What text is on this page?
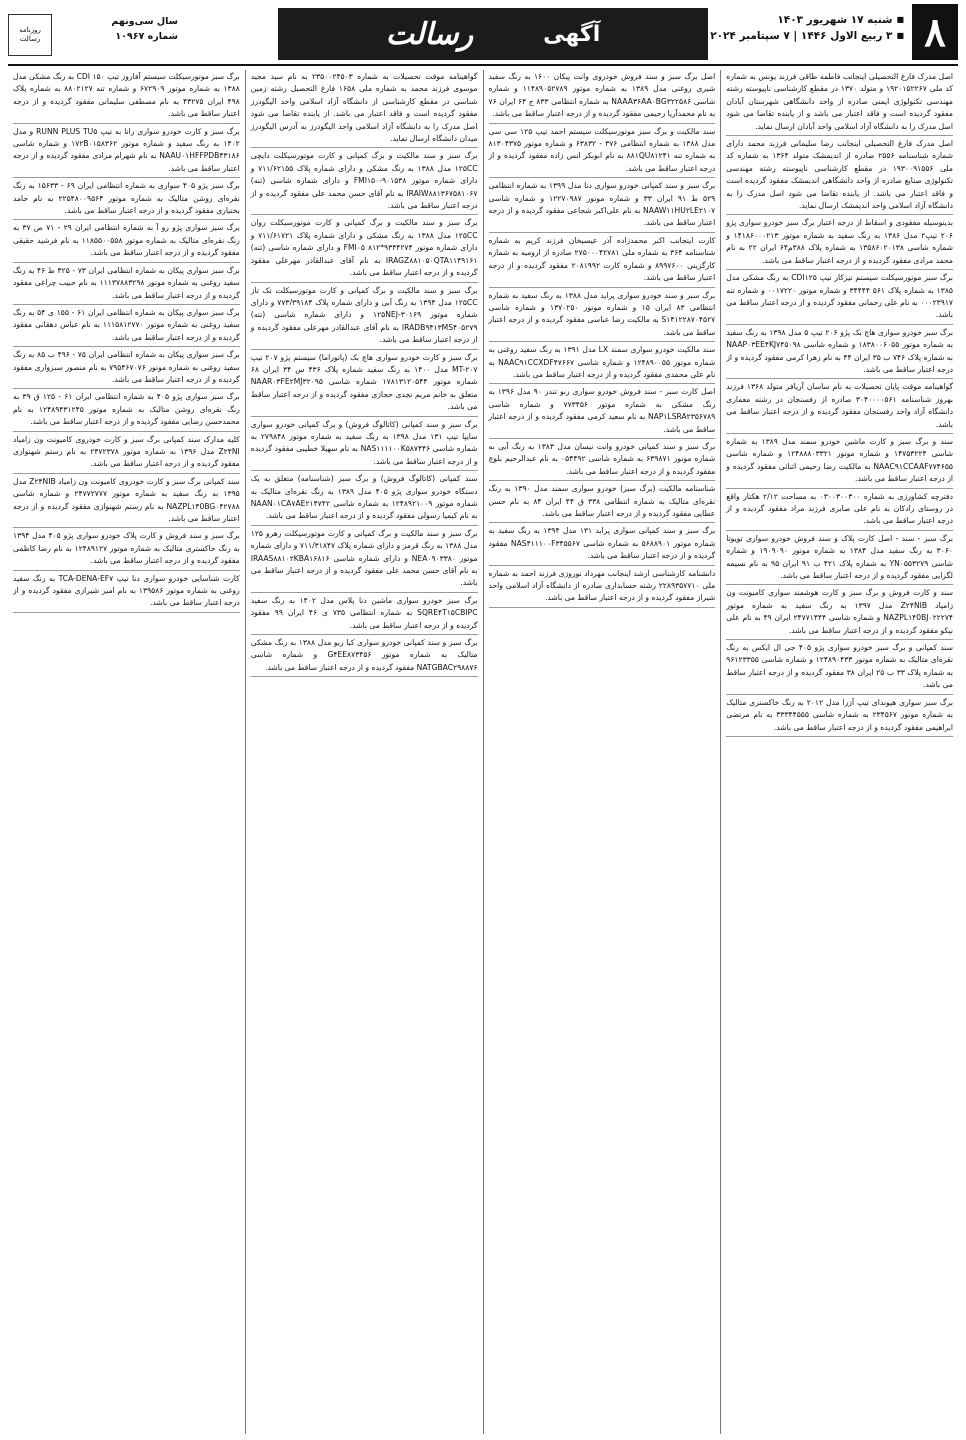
۸
■ شنبه ۱۷ شهریور ۱۴۰۳
■ ۳ ربیع الاول ۱۴۴۶ | ۷ سپتامبر ۲۰۲۴
آگهی
رسالت
سال سی‌ونهم
شماره ۱۰۹۶۷
روزنامه
رسالت
اصل مدرک فارغ التحصیلی اینجانب فاطمه طاقی فرزند یونس به شماره کد ملی ۱۹۲۰۱۵۲۲۶۷ و متولد ۱۳۷۰ در مقطع کارشناسی ناپیوسته رشته مهندسی تکنولوژی ایمنی صادره از واحد دانشگاهی شهرستان آبادان مفقود گردیده است و فاقد اعتبار می باشد و از یابنده تقاضا می شود اصل مدرک را به دانشگاه آزاد اسلامی واحد آبادان ارسال نماید.
اصل مدرک فارغ التحصیلی اینجانب رضا سلیمانی فرزند محمد دارای شماره شناسنامه ۲۵۵۶ صادره از اندیمشک متولد ۱۳۶۴ به شماره کد ملی ۱۹۳۰۰۹۱۵۵۶ در مقطع کارشناسی ناپیوسته رشته مهندسی تکنولوژی صنایع صادره از واحد دانشگاهی اندیمشک مفقود گردیده است و فاقد اعتبار می باشد. از یابنده تقاضا می شود اصل مدرک را به دانشگاه آزاد اسلامی واحد اندیمشک ارسال نماید.
بدینوسیله مفقودی و اسقاط از درجه اعتبار برگ سبز خودرو سواری پژو ۲۰۶ تیپ۲ مدل ۱۳۸۶ به رنگ سفید به شماره موتور ۱۴۱۸۶۰۰۰۲۱۳ و شماره شاسی ۱۳۵۸۶۰۲۰۱۳۸ به شماره پلاک ۳۸۸م۶۴ ایران ۲۲ به نام محمد مرادی مفقود گردیده و از درجه اعتبار ساقط می باشد.
برگ سبز موتورسیکلت سیستم تیزکار تیپ CDI۱۲۵ به رنگ مشکی مدل ۱۳۸۵ به شماره پلاک ۵۶۱ ۳۴۴۴۴ و شماره موتور ۰۰۱۷۲۲۰ و شماره تنه ۰۰۰۲۳۹۱۷ به نام علی رحمانی مفقود گردیده و از درجه اعتبار ساقط می باشد.
برگ سبز خودرو سواری هاچ بک پژو ۲۰۶ تیپ ۵ مدل ۱۳۹۸ به رنگ سفید به شماره موتور ۱۸۳۸۰۰۶۰۵۵ و شماره شاسی NAAP۰۳EE۴KJ۷۴۵۰۹۸ به شماره پلاک ۷۴۶ ب ۳۵ ایران ۴۴ به نام زهرا کرمی مفقود گردیده و از درجه اعتبار ساقط می باشد.
گواهینامه موقت پایان تحصیلات به نام ساسان آریافر متولد ۱۳۶۸ فرزند بهروز شناسنامه ۳۰۴۰۰۰۰۵۶۱ صادره از رفسنجان در رشته معماری دانشگاه آزاد واحد رفسنجان مفقود گردیده و از درجه اعتبار ساقط می باشد.
سند و برگ سبز و کارت ماشین خودرو سمند مدل ۱۳۸۹ به شماره شاسی ۱۴۷۵۳۲۲۴ و شماره موتور ۱۲۴۸۸۸۰۳۳۲۱ و شماره شاسی NAAC۹۱CCAAF۷۷۴۶۵۵ به مالکیت رضا رحیمی اثنائی مفقود گردیده و از درجه اعتبار ساقط می باشد.
دفترچه کشاورزی به شماره ۰۳۰۰۳۰۰۳۰۰ به مساحت ۲/۱۲ هکتار واقع در روستای رادکان به نام علی صابری فرزند مراد مفقود گردیده و از درجه اعتبار ساقط می باشد.
برگ سبز - سند - اصل کارت پلاک و سند فروش خودرو سواری تویوتا ۳۰۶۰ به رنگ سفید مدل ۱۳۸۴ به شماره موتور ۱۹۰۹۰۹۰ و شماره شاسی YN۰۵۵۳۲۷۹ به شماره پلاک ۴۲۱ ب ۹۱ ایران ۹۵ به نام نسیمه لگزایی مفقود گردیده و از درجه اعتبار ساقط می باشد.
سند و کارت فروش و برگ سبز و کارت هوشمند سواری کامیونت ون زامیاد Z۲۴NIB مدل ۱۳۹۷ به رنگ سفید به شماره موتور NAZPL۱۴0BJ۰۲۲۲۷۴ و شماره شاسی ۲۴۷۷۱۴۴۴ ایران ۴۹ به نام علی نیکو مفقود گردیده و از درجه اعتبار ساقط می باشد.
سند کمپانی و برگ سبز خودرو سواری پژو ۴۰۵ جی ال ایکس به رنگ نقره‌ای متالیک به شماره موتور ۱۲۴۸۹۰۴۳۳ و شماره شاسی ۹۶۱۲۳۳۵۵ به شماره پلاک ۳۳ ب ۲۵ ایران ۳۸ مفقود گردیده و از درجه اعتبار ساقط می باشد.
برگ سبز سواری هیوندای تیپ آزرا مدل ۲۰۱۲ به رنگ خاکستری متالیک به شماره موتور ۲۳۴۵۶۷ به شماره شاسی ۳۳۳۴۴۵۵۵ به نام مرتضی ابراهیمی مفقود گردیده و از درجه اعتبار ساقط می باشد.
اصل برگ سبز و سند فروش خودروی وانت پیکان ۱۶۰۰ به رنگ سفید شیری روغنی مدل ۱۳۸۹ به شماره موتور ۱۱۴۸۹۰۵۲۷۸۹ و شماره شاسی NAAA۳۶AA۰BG۳۲۲۵۸۶ به شماره انتظامی ۸۳۳ ج ۶۴ ایران ۷۶ به نام محمدآریا رحیمی مفقود گردیده و از درجه اعتبار ساقط می باشد.
سند مالکیت و برگ سبز موتورسیکلت سیستم احمد تیپ ۱۲۵ سی سی مدل ۱۳۸۸ به شماره انتظامی ۳۷۶ - ۶۳۸۳۲ و شماره موتور ۸۱۳۰۴۳۷۵ به شماره تنه ۸۸۱QU۸۱۲۴۱ به نام ابوبکر انس زاده مفقود گردیده و از درجه اعتبار ساقط می باشد.
برگ سبز و سند کمپانی خودرو سواری دنا مدل ۱۳۹۹ به شماره انتظامی ۵۲۹ ط ۹۱ ایران ۳۳ و شماره موتور ۱۲۲۷۰۹۸۷ و شماره شاسی NAAW۱۱HU۲LE۲۱۰۷ به نام علی‌اکبر شجاعی مفقود گردیده و از درجه اعتبار ساقط می باشد.
کارت اینجانب اکبر محمدزاده آذر عیسیخان فرزند کریم به شماره شناسنامه ۳۶۴ به شماره ملی ۲۷۵۰۰۰۴۲۷۸۱ صادره از ارومیه به شماره کارگزینی ۸۹۹۷۶۰۰ و شماره کارت ۲۰۸۱۹۹۲ مفقود گردیده و از درجه اعتبار ساقط می باشد.
برگ سبز و سند خودرو سواری پراید مدل ۱۳۸۸ به رنگ سفید به شماره انتظامی ۸۳ ایران ۱۵ و شماره موتور ۱۳۷۰۲۵۰ و شماره شاسی S۱۴۱۲۲۸۷۰۴۵۲۷ به مالکیت رضا عباسی مفقود گردیده و از درجه اعتبار ساقط می باشد.
سند مالکیت خودرو سواری سمند LX مدل ۱۳۹۱ به رنگ سفید روغنی به شماره موتور ۱۲۴۸۹۰۰۵۵ و شماره شاسی NAAC۹۱CCXDF۴۷۶۶۷ به نام علی محمدی مفقود گردیده و از درجه اعتبار ساقط می باشد.
اصل کارت سبز - سند فروش خودرو سواری رنو تندر ۹۰ مدل ۱۳۹۶ به رنگ مشکی به شماره موتور ۷۷۳۴۵۶ و شماره شاسی NAP۱LSRA۲۳۵۶۷۸۹ به نام سعید کرمی مفقود گردیده و از درجه اعتبار ساقط می باشد.
برگ سبز و سند کمپانی خودرو وانت نیسان مدل ۱۳۸۳ به رنگ آبی به شماره موتور ۶۳۹۸۷۱ به شماره شاسی ۰۵۴۴۹۲ به نام عبدالرحیم بلوچ مفقود گردیده و از درجه اعتبار ساقط می باشد.
شناسنامه مالکیت (برگ سبز) خودرو سواری سمند مدل ۱۳۹۰ به رنگ نقره‌ای متالیک به شماره انتظامی ۳۳۸ ق ۴۴ ایران ۸۴ به نام حسن عطایی مفقود گردیده و از درجه اعتبار ساقط می باشد.
برگ سبز و سند کمپانی سواری پراید ۱۳۱ مدل ۱۳۹۴ به رنگ سفید به شماره موتور ۵۶۸۸۹۰۱ به شماره شاسی NAS۴۱۱۱۰۰F۳۴۵۵۶۷ مفقود گردیده و از درجه اعتبار ساقط می باشد.
دانشنامه کارشناسی ارشد اینجانب مهرداد نوروزی فرزند احمد به شماره ملی ۲۲۸۹۳۵۷۷۱۰ رشته حسابداری صادره از دانشگاه آزاد اسلامی واحد شیراز مفقود گردیده و از درجه اعتبار ساقط می باشد.
گواهینامه موقت تحصیلات به شماره ۲۳۵۰۰۲۴۵۰۳ به نام سید مجید موسوی فرزند محمد به شماره ملی ۱۶۵۸ فارغ التحصیل رشته زمین شناسی در مقطع کارشناسی از دانشگاه آزاد اسلامی واحد الیگودرز مفقود گردیده است و فاقد اعتبار می باشد. از یابنده تقاضا می شود اصل مدرک را به دانشگاه آزاد اسلامی واحد الیگودرز به آدرس الیگودرز میدان دانشگاه ارسال نماید.
برگ سبز و سند مالکیت و برگ کمپانی و کارت موتورسیکلت دایچی ۱۲۵CC مدل ۱۳۸۸ به رنگ مشکی و دارای شماره پلاک ۷۱۱/۶۲۱۵۵ و دارای شماره موتور ۹۰۱۵۳۸-FMI۱۵۰ و دارای شماره شاسی (تنه) IRAIW۸۸۱۳۶۷۵۸۱۰۶۷ به نام آقای حسن محمد علی مفقود گردیده و از درجه اعتبار ساقط می باشد.
برگ سبز و سند مالکیت و برگ کمپانی و کارت موتورسیکلت روان ۱۲۵CC مدل ۱۳۸۸ به رنگ مشکی و دارای شماره پلاک ۷۱۱/۶۱۷۲۱ و دارای شماره موتور ۹۳۴۴۲۷۴*FMI۰۵ ۸۱۲ و دارای شماره شاسی (تنه) IRAGZ۸۸۱۰۵۰QTA۱۱۴۹۱۶۱ به نام آقای عبدالقادر مهرعلی مفقود گردیده و از درجه اعتبار ساقط می باشد.
برگ سبز و سند مالکیت و برگ کمپانی و کارت موتورسیکلت تک تاز ۱۲۵CC مدل ۱۳۹۴ به رنگ آبی و دارای شماره پلاک ۷۷۳/۳۹۱۸۴ و دارای شماره موتور ۳۰۱۶۹-۱۲۵NEJ و دارای شماره شاسی (تنه) IRADB۹۴۱۳MS۴۰۵۲۷۹ به نام آقای عبدالقادر مهرعلی مفقود گردیده و از درجه اعتبار ساقط می باشد.
برگ سبز و کارت خودرو سواری هاچ بک (پاتوراما) سیستم پژو ۲۰۷ تیپ MT-۲۰۷ مدل ۱۴۰۰ به رنگ سفید شماره پلاک ۴۳۶ س ۳۴ ایران ۶۸ شماره موتور ۱۷۸۱۳۱۲۰۵۴۴ شماره شاسی NAAR۰۳FE۲MJ۳۲۰۹۵ متعلق به خانم مریم نجدی حجازی مفقود گردیده و از درجه اعتبار ساقط می باشد.
برگ سبز و سند کمپانی (کاتالوگ فروش) و برگ کمپانی خودرو سواری سایپا تیپ ۱۳۱ مدل ۱۳۹۸ به رنگ سفید به شماره موتور ۲۷۹۸۴۸ به شماره شاسی NAS۱۱۱۱۰۰K۵۸۷۴۴۶ به نام سهیلا خطیبی مفقود گردیده و از درجه اعتبار ساقط می باشد.
سند کمپانی (کاتالوگ فروش) و برگ سبز (شناسنامه) متعلق به یک دستگاه خودرو سواری پژو ۴۰۵ مدل ۱۳۸۹ به رنگ نقره‌ای متالیک به شماره موتور ۱۲۴۸۹۲۱۰۰۹ به شماره شاسی NAAN۰۱CA۷AE۲۱۴۷۴۲ به نام کیمیا رسولی مفقود گردیده و از درجه اعتبار ساقط می باشد.
برگ سبز و سند مالکیت و برگ کمپانی و کارت موتورسیکلت رهرو ۱۲۵ مدل ۱۳۸۸ به رنگ قرمز و دارای شماره پلاک ۷۱۱/۳۱۸۴۷ و دارای شماره موتور NEA۰۹۰۳۳۸۰ و دارای شماره شاسی IRAAS۸۸۱۰۲KBA۱۶۸۱۶ به نام آقای حسن محمد علی مفقود گردیده و از درجه اعتبار ساقط می باشد.
برگ سبز خودرو سواری ماشین دنا پلاس مدل ۱۴۰۲ به رنگ سفید SQRE۴T۱۵CBIPC به شماره انتظامی ۷۳۵ ی ۴۶ ایران ۹۹ مفقود گردیده و از درجه اعتبار ساقط می باشد.
برگ سبز و سند کمپانی خودرو سواری کیا ریو مدل ۱۳۸۸ به رنگ مشکی متالیک به شماره موتور G۴EE۸۷۳۴۵۶ و شماره شاسی NATGBAC۲۹۸۸۷۶ مفقود گردیده و از درجه اعتبار ساقط می باشد.
برگ سبز موتورسیکلت سیستم آفاروز تیپ CDI ۱۵۰ به رنگ مشکی مدل ۱۳۸۸ به شماره موتور ۶۷۲۹۰۹ و شماره تنه ۸۸۰۲۱۲۷ به شماره پلاک ۴۹۸ ایران ۴۳۲۷۵ به نام مصطفی سلیمانی مفقود گردیده و از درجه اعتبار ساقط می باشد.
برگ سبز و کارت خودرو سواری رانا به تیپ RUNN PLUS TU۵ و مدل ۱۴۰۲ به رنگ سفید و شماره موتور ۱۷۲B۰۱۵۸۳۶۲ و شماره شاسی NAAU۰۱HFFPDB۴۳۱۸۶ به نام شهرام مرادی مفقود گردیده و از درجه اعتبار ساقط می باشد.
برگ سبز پژو ۴۰۵ سواری به شماره انتظامی ایران ۶۹ - ۱۵۶۳۳ به رنگ نقره‌ای روشن متالیک به شماره موتور ۲۲۵۴۸۰۰۹۵۶۴ به نام حامد بختیاری مفقود گردیده و از درجه اعتبار ساقط می باشد.
برگ سبز سواری پژو رو آ به شماره انتظامی ایران ۲۹ - ۷۱ ص ۳۷ به رنگ نقره‌ای متالیک به شماره موتور ۱۱۸۵۵۰۰۵۵۸ به نام فرشید حقیقی مفقود گردیده و از درجه اعتبار ساقط می باشد.
برگ سبز سواری پیکان به شماره انتظامی ایران ۷۳ - ۴۲۵ ط ۴۶ به رنگ سفید روغنی به شماره موتور ۱۱۱۳۷۸۸۳۲۹۸ به نام حبیب چراغی مفقود گردیده و از درجه اعتبار ساقط می باشد.
برگ سبز سواری پیکان به شماره انتظامی ایران ۶۱ - ۱۵۵ ی ۵۴ به رنگ سفید روغنی به شماره موتور ۱۱۱۵۸۱۲۷۷۰ به نام عباس دهقانی مفقود گردیده و از درجه اعتبار ساقط می باشد.
برگ سبز سواری پیکان به شماره انتظامی ایران ۷۵ - ۴۹۶ ب ۸۵ به رنگ سفید روغنی به شماره موتور ۷۹۵۴۶۷۰۷۶ به نام منصور سبزواری مفقود گردیده و از درجه اعتبار ساقط می باشد.
برگ سبز سواری پژو ۴۰۵ به شماره انتظامی ایران ۶۱ - ۱۲۵ ق ۳۹ به رنگ نقره‌ای روشن متالیک به شماره موتور ۱۲۴۸۹۴۳۱۲۴۵ به نام محمدحسن رضایی مفقود گردیده و از درجه اعتبار ساقط می باشد.
کلیه مدارک سند کمپانی برگ سبز و کارت خودروی کامیونت ون زامیاد Z۲۴NI مدل ۱۳۹۶ به شماره موتور ۲۴۷۲۳۷۸ به نام رستم شهنوازی مفقود گردیده و از درجه اعتبار ساقط می باشد.
سند کمپانی برگ سبز و کارت خودروی کامیونت ون زامیاد Z۲۴NIB مدل ۱۳۹۵ به رنگ سفید به شماره موتور ۲۴۷۷۲۷۷۷ و شماره شاسی NAZPL۱۴0BG۰۴۲۷۸۸ به نام رستم شهنوازی مفقود گردیده و از درجه اعتبار ساقط می باشد.
برگ سبز و سند فروش و کارت پلاک خودرو سواری پژو ۴۰۵ مدل ۱۳۹۴ به رنگ خاکستری متالیک به شماره موتور ۱۲۴۸۹۱۲۷ به نام رضا کاظمی مفقود گردیده و از درجه اعتبار ساقط می باشد.
کارت شناسایی خودرو سواری دنا تیپ TCA-DENA-EF۷ به رنگ سفید روغنی به شماره موتور ۱۳۹۵۸۶ به نام امیر شیرازی مفقود گردیده و از درجه اعتبار ساقط می باشد.
